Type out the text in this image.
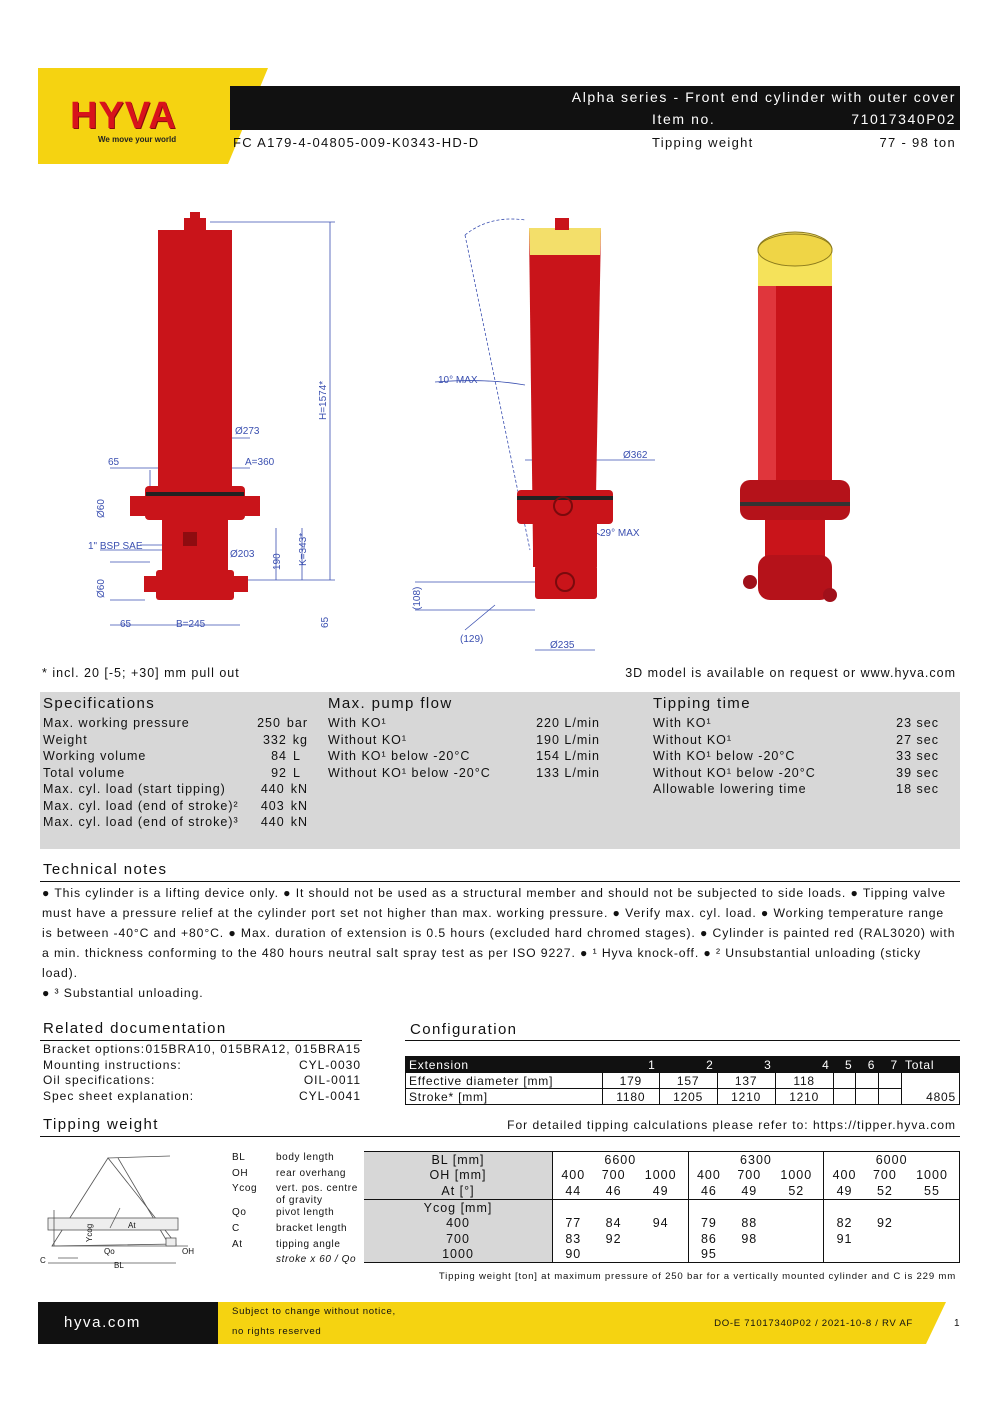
HYVA
We move your world
Alpha series - Front end cylinder with outer cover
Item no.	71017340P02
FC A179-4-04805-009-K0343-HD-D	Tipping weight	77 - 98 ton
Ø273
65	A=360
Ø60
1" BSP SAE
Ø203 190 K=343*
Ø60
65	B=245	65
H=1574*
10° MAX
Ø362
29° MAX
(108)
(129)
Ø235
* incl. 20 [-5; +30] mm pull out	3D model is available on request or www.hyva.com
Specifications	Max. pump flow	Tipping time
Max. working pressure	250 bar
Weight	332 kg
Working volume	84 L
Total volume	92 L
Max. cyl. load (start tipping)	440 kN
Max. cyl. load (end of stroke)²	403 kN
Max. cyl. load (end of stroke)³	440 kN
With KO¹	220 L/min
Without KO¹	190 L/min
With KO¹ below -20°C	154 L/min
Without KO¹ below -20°C	133 L/min
With KO¹	23 sec
Without KO¹	27 sec
With KO¹ below -20°C	33 sec
Without KO¹ below -20°C	39 sec
Allowable lowering time	18 sec
Technical notes
● This cylinder is a lifting device only. ● It should not be used as a structural member and should not be subjected to side loads. ● Tipping valve
must have a pressure relief at the cylinder port set not higher than max. working pressure. ● Verify max. cyl. load. ● Working temperature range
is between -40°C and +80°C. ● Max. duration of extension is 0.5 hours (excluded hard chromed stages). ● Cylinder is painted red (RAL3020) with
a min. thickness conforming to the 480 hours neutral salt spray test as per ISO 9227. ● ¹ Hyva knock-off. ● ² Unsubstantial unloading (sticky load).
● ³ Substantial unloading.
Related documentation
Bracket options: 015BRA10, 015BRA12, 015BRA15
Mounting instructions:	CYL-0030
Oil specifications:	OIL-0011
Spec sheet explanation:	CYL-0041
Configuration
Extension	1	2	3	4	5	6	7	Total
Effective diameter [mm]	179	157	137	118				4805
Stroke* [mm]	1180	1205	1210	1210				
Tipping weight	For detailed tipping calculations please refer to: https://tipper.hyva.com
C
BL
Qo	OH
At
Ycog
BL	body length
OH	rear overhang
Ycog	vert. pos. centre of gravity
Qo	pivot length
C	bracket length
At	tipping angle
	stroke x 60 / Qo
BL [mm]	6600			6300			6000		
OH [mm]	400	700	1000	400	700	1000	400	700	1000
At [°]	44	46	49	46	49	52	49	52	55
Ycog [mm]									
400	77	84	94	79	88		82	92	
700	83	92		86	98		91		
1000	90			95					
Tipping weight [ton] at maximum pressure of 250 bar for a vertically mounted cylinder and C is 229 mm
hyva.com
Subject to change without notice,
no rights reserved
DO-E 71017340P02 / 2021-10-8 / RV AF	1
